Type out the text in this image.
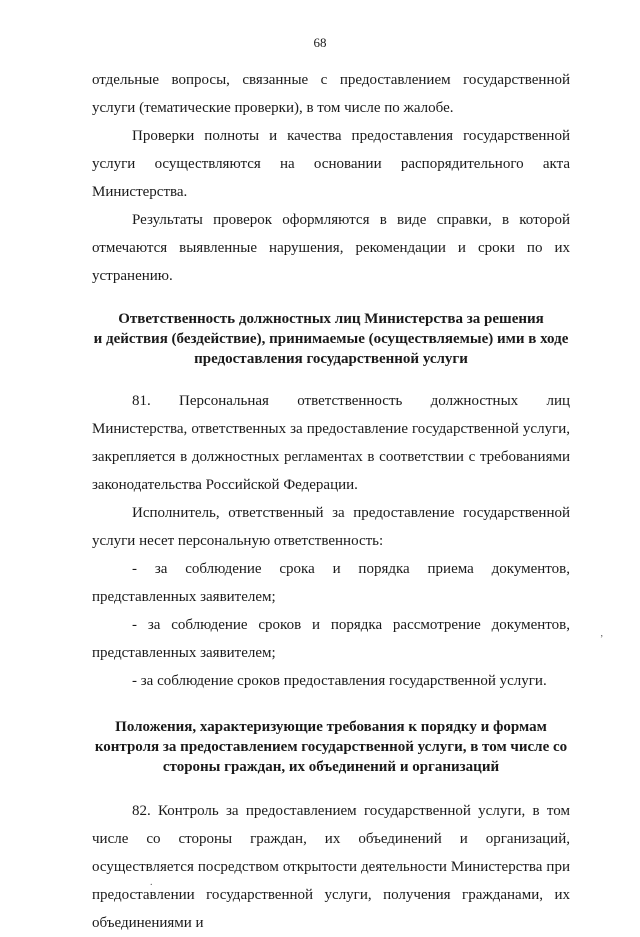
68

отдельные вопросы, связанные с предоставлением государственной услуги (тематические проверки), в том числе по жалобе.

Проверки полноты и качества предоставления государственной услуги осуществляются на основании распорядительного акта Министерства.

Результаты проверок оформляются в виде справки, в которой отмечаются выявленные нарушения, рекомендации и сроки по их устранению.

Ответственность должностных лиц Министерства за решения

и действия (бездействие), принимаемые (осуществляемые) ими в ходе

предоставления государственной услуги

81. Персональная ответственность должностных лиц Министерства, ответственных за предоставление государственной услуги, закрепляется в должностных регламентах в соответствии с требованиями законодательства Российской Федерации.

Исполнитель, ответственный за предоставление государственной услуги несет персональную ответственность:

- за соблюдение срока и порядка приема документов, представленных заявителем;

- за соблюдение сроков и порядка рассмотрение документов, представленных заявителем;

- за соблюдение сроков предоставления государственной услуги.

Положения, характеризующие требования к порядку и формам

контроля за предоставлением государственной услуги, в том числе со

стороны граждан, их объединений и организаций

82. Контроль за предоставлением государственной услуги, в том числе со стороны граждан, их объединений и организаций, осуществляется посредством открытости деятельности Министерства при предоставлении государственной услуги, получения гражданами, их объединениями и

’
.
